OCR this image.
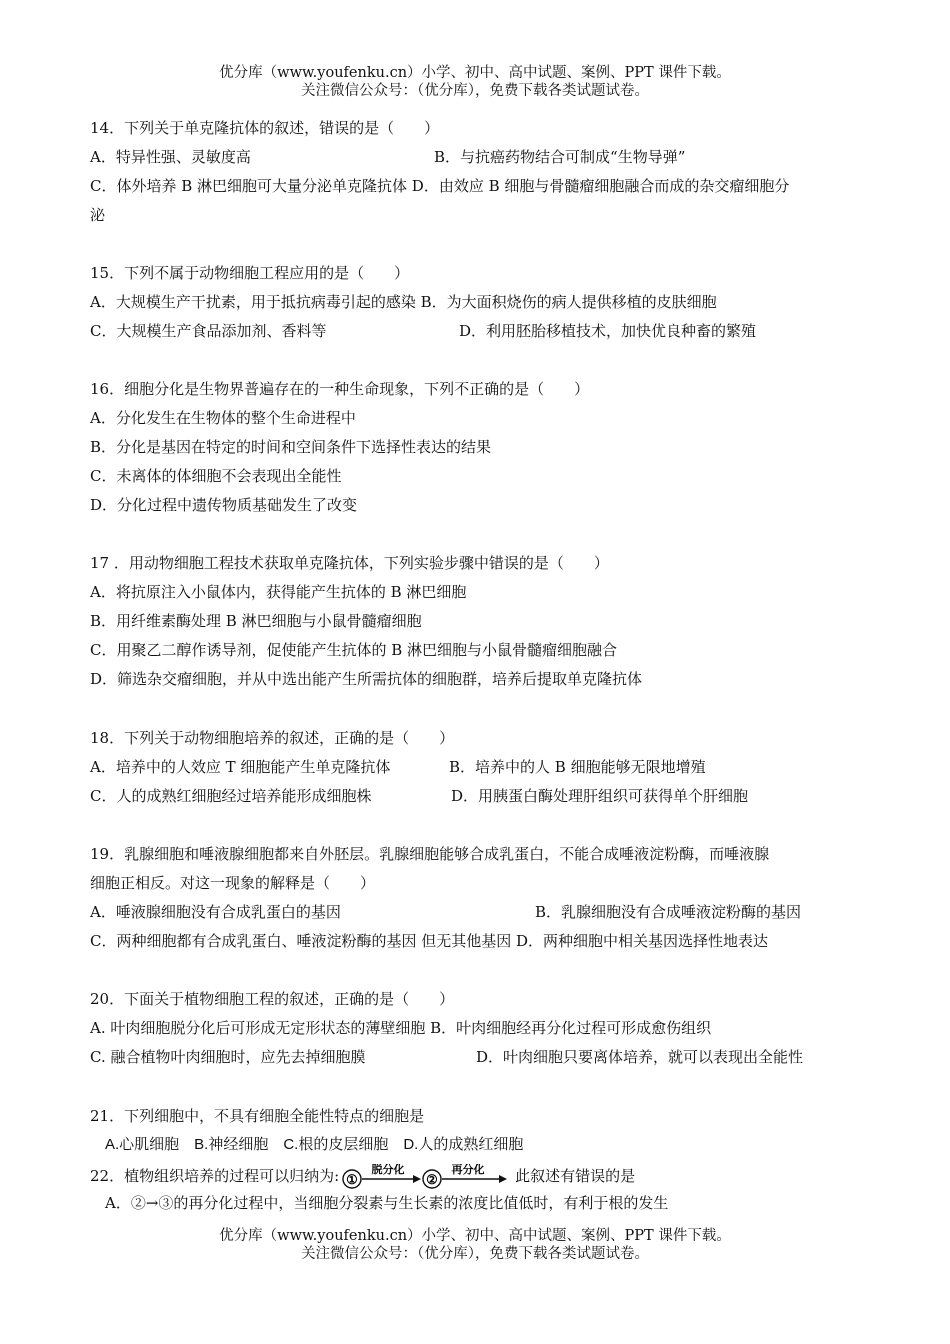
优分库（www.youfenku.cn）小学、初中、高中试题、案例、PPT 课件下载。
关注微信公众号：（优分库），免费下载各类试题试卷。
14．下列关于单克隆抗体的叙述，错误的是（　　）
A．特异性强、灵敏度高	B．与抗癌药物结合可制成“生物导弹”
C．体外培养 B 淋巴细胞可大量分泌单克隆抗体 D．由效应 B 细胞与骨髓瘤细胞融合而成的杂交瘤细胞分
泌
15．下列不属于动物细胞工程应用的是（　　）
A．大规模生产干扰素，用于抵抗病毒引起的感染 B．为大面积烧伤的病人提供移植的皮肤细胞
C．大规模生产食品添加剂、香料等	D．利用胚胎移植技术，加快优良种畜的繁殖
16．细胞分化是生物界普遍存在的一种生命现象，下列不正确的是（　　）
A．分化发生在生物体的整个生命进程中
B．分化是基因在特定的时间和空间条件下选择性表达的结果
C．未离体的体细胞不会表现出全能性
D．分化过程中遗传物质基础发生了改变
17 ．用动物细胞工程技术获取单克隆抗体，下列实验步骤中错误的是（　　）
A．将抗原注入小鼠体内，获得能产生抗体的 B 淋巴细胞
B．用纤维素酶处理 B 淋巴细胞与小鼠骨髓瘤细胞
C．用聚乙二醇作诱导剂，促使能产生抗体的 B 淋巴细胞与小鼠骨髓瘤细胞融合
D．筛选杂交瘤细胞，并从中选出能产生所需抗体的细胞群，培养后提取单克隆抗体
18．下列关于动物细胞培养的叙述，正确的是（　　）
A．培养中的人效应 T 细胞能产生单克隆抗体	B．培养中的人 B 细胞能够无限地增殖
C．人的成熟红细胞经过培养能形成细胞株	D．用胰蛋白酶处理肝组织可获得单个肝细胞
19．乳腺细胞和唾液腺细胞都来自外胚层。乳腺细胞能够合成乳蛋白，不能合成唾液淀粉酶，而唾液腺
细胞正相反。对这一现象的解释是（　　）
A．唾液腺细胞没有合成乳蛋白的基因	B．乳腺细胞没有合成唾液淀粉酶的基因
C．两种细胞都有合成乳蛋白、唾液淀粉酶的基因 但无其他基因 D．两种细胞中相关基因选择性地表达
20．下面关于植物细胞工程的叙述，正确的是（　　）
A. 叶肉细胞脱分化后可形成无定形状态的薄壁细胞 B．叶肉细胞经再分化过程可形成愈伤组织
C. 融合植物叶肉细胞时，应先去掉细胞膜	D．叶肉细胞只要离体培养，就可以表现出全能性
21．下列细胞中，不具有细胞全能性特点的细胞是
A.心肌细胞　B.神经细胞　C.根的皮层细胞　D.人的成熟红细胞
22．植物组织培养的过程可以归纳为: ①
脱分化
②
再分化 此叙述有错误的是
A．②→③的再分化过程中，当细胞分裂素与生长素的浓度比值低时，有利于根的发生
优分库（www.youfenku.cn）小学、初中、高中试题、案例、PPT 课件下载。
关注微信公众号：（优分库），免费下载各类试题试卷。
